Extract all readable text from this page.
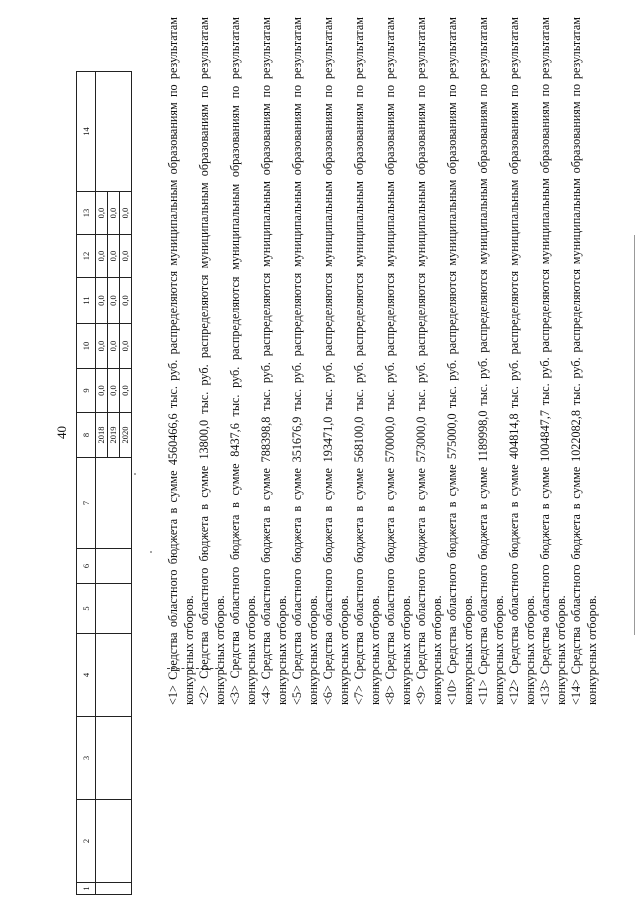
40
1	2	3	4	5	6	7	8	9	10	11	12	13	14
							2018	0,0	0,0	0,0	0,0	0,0	
							2019	0,0	0,0	0,0	0,0	0,0	
							2020	0,0	0,0	0,0	0,0	0,0		<1> Средства областного бюджета в сумме 4560466,6 тыс. руб. распределяются муниципальным образованиям по результатам конкурсных отборов. <2> Средства областного бюджета в сумме 13800,0 тыс. руб. распределяются муниципальным образованиям по результатам конкурсных отборов. <3> Средства областного бюджета в сумме 8437,6 тыс. руб. распределяются муниципальным образованиям по результатам конкурсных отборов. <4> Средства областного бюджета в сумме 788398,8 тыс. руб. распределяются муниципальным образованиям по результатам конкурсных отборов. <5> Средства областного бюджета в сумме 351676,9 тыс. руб. распределяются муниципальным образованиям по результатам конкурсных отборов. <6> Средства областного бюджета в сумме 193471,0 тыс. руб. распределяются муниципальным образованиям по результатам конкурсных отборов. <7> Средства областного бюджета в сумме 568100,0 тыс. руб. распределяются муниципальным образованиям по результатам конкурсных отборов. <8> Средства областного бюджета в сумме 570000,0 тыс. руб. распределяются муниципальным образованиям по результатам конкурсных отборов. <9> Средства областного бюджета в сумме 573000,0 тыс. руб. распределяются муниципальным образованиям по результатам конкурсных отборов. <10> Средства областного бюджета в сумме 575000,0 тыс. руб. распределяются муниципальным образованиям по результатам конкурсных отборов. <11> Средства областного бюджета в сумме 1189998,0 тыс. руб. распределяются муниципальным образованиям по результатам конкурсных отборов. <12> Средства областного бюджета в сумме 404814,8 тыс. руб. распределяются муниципальным образованиям по результатам конкурсных отборов. <13> Средства областного бюджета в сумме 1004847,7 тыс. руб. распределяются муниципальным образованиям по результатам конкурсных отборов. <14> Средства областного бюджета в сумме 1022082,8 тыс. руб. распределяются муниципальным образованиям по результатам конкурсных отборов.
